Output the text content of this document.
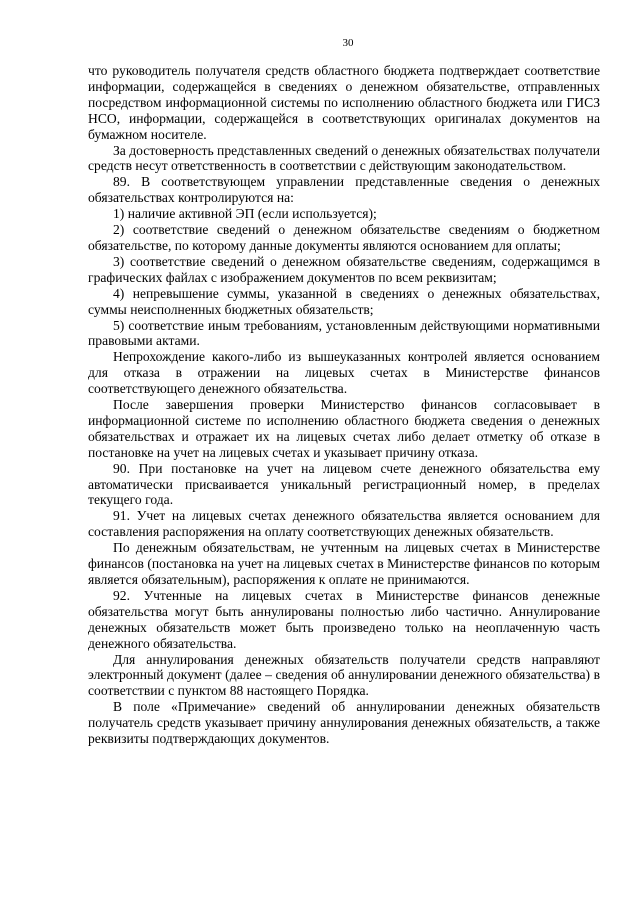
30

что руководитель получателя средств областного бюджета подтверждает соответствие информации, содержащейся в сведениях о денежном обязательстве, отправленных посредством информационной системы по исполнению областного бюджета или ГИСЗ НСО, информации, содержащейся в соответствующих оригиналах документов на бумажном носителе.

За достоверность представленных сведений о денежных обязательствах получатели средств несут ответственность в соответствии с действующим законодательством.

89. В соответствующем управлении представленные сведения о денежных обязательствах контролируются на:

1) наличие активной ЭП (если используется);

2) соответствие сведений о денежном обязательстве сведениям о бюджетном обязательстве, по которому данные документы являются основанием для оплаты;

3) соответствие сведений о денежном обязательстве сведениям, содержащимся в графических файлах с изображением документов по всем реквизитам;

4) непревышение суммы, указанной в сведениях о денежных обязательствах, суммы неисполненных бюджетных обязательств;

5) соответствие иным требованиям, установленным действующими нормативными правовыми актами.

Непрохождение какого-либо из вышеуказанных контролей является основанием для отказа в отражении на лицевых счетах в Министерстве финансов соответствующего денежного обязательства.

После завершения проверки Министерство финансов согласовывает в информационной системе по исполнению областного бюджета сведения о денежных обязательствах и отражает их на лицевых счетах либо делает отметку об отказе в постановке на учет на лицевых счетах и указывает причину отказа.

90. При постановке на учет на лицевом счете денежного обязательства ему автоматически присваивается уникальный регистрационный номер, в пределах текущего года.

91. Учет на лицевых счетах денежного обязательства является основанием для составления распоряжения на оплату соответствующих денежных обязательств.

По денежным обязательствам, не учтенным на лицевых счетах в Министерстве финансов (постановка на учет на лицевых счетах в Министерстве финансов по которым является обязательным), распоряжения к оплате не принимаются.

92. Учтенные на лицевых счетах в Министерстве финансов денежные обязательства могут быть аннулированы полностью либо частично. Аннулирование денежных обязательств может быть произведено только на неоплаченную часть денежного обязательства.

Для аннулирования денежных обязательств получатели средств направляют электронный документ (далее – сведения об аннулировании денежного обязательства) в соответствии с пунктом 88 настоящего Порядка.

В поле «Примечание» сведений об аннулировании денежных обязательств получатель средств указывает причину аннулирования денежных обязательств, а также реквизиты подтверждающих документов.
